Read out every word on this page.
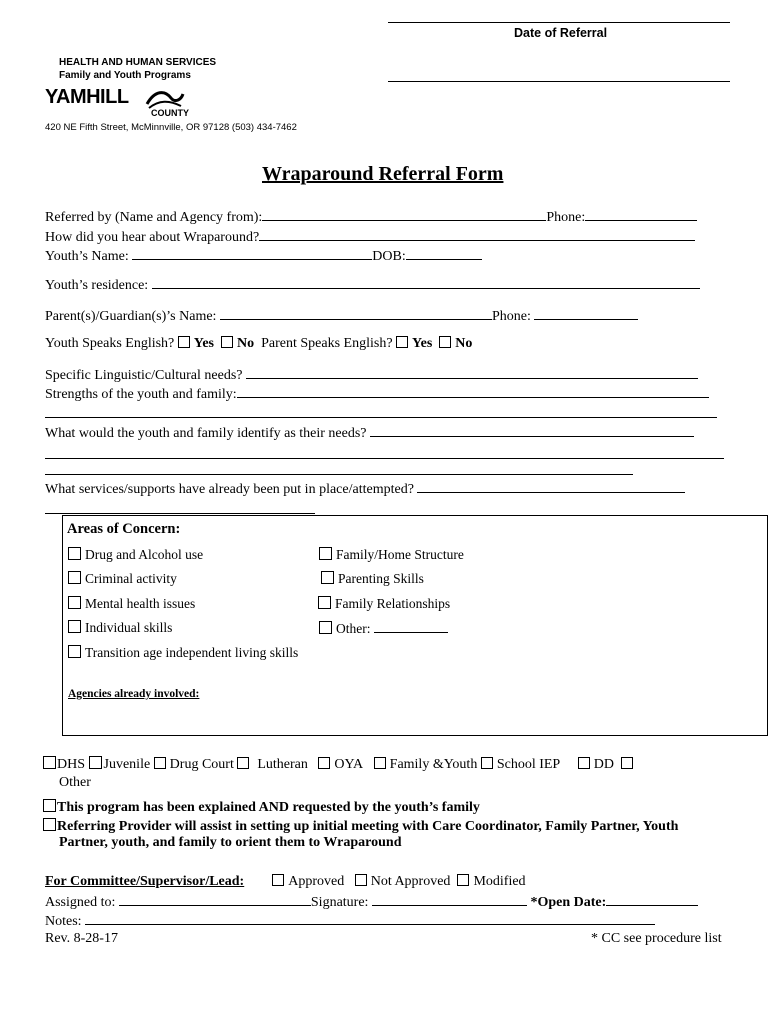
Date of Referral
HEALTH AND HUMAN SERVICES
Family and Youth Programs
YAMHILL
COUNTY
420 NE Fifth Street, McMinnville, OR 97128 (503) 434-7462
Wraparound Referral Form
Referred by (Name and Agency from):	Phone:
How did you hear about Wraparound?
Youth’s Name:	DOB:
Youth’s residence:
Parent(s)/Guardian(s)’s Name:	Phone:
Youth Speaks English? Yes No Parent Speaks English? Yes No
Specific Linguistic/Cultural needs?
Strengths of the youth and family:
What would the youth and family identify as their needs?
What services/supports have already been put in place/attempted?
Areas of Concern:
Drug and Alcohol use
Criminal activity
Mental health issues
Individual skills
Transition age independent living skills
Family/Home Structure
Parenting Skills
Family Relationships
Other:
Agencies already involved:
DHS Juvenile Drug Court Lutheran OYA Family &Youth School IEP DD
Other
This program has been explained AND requested by the youth’s family
Referring Provider will assist in setting up initial meeting with Care Coordinator, Family Partner, Youth
Partner, youth, and family to orient them to Wraparound
For Committee/Supervisor/Lead:	Approved Not Approved Modified
Assigned to:	Signature:	*Open Date:
Notes:
Rev. 8-28-17	* CC see procedure list
